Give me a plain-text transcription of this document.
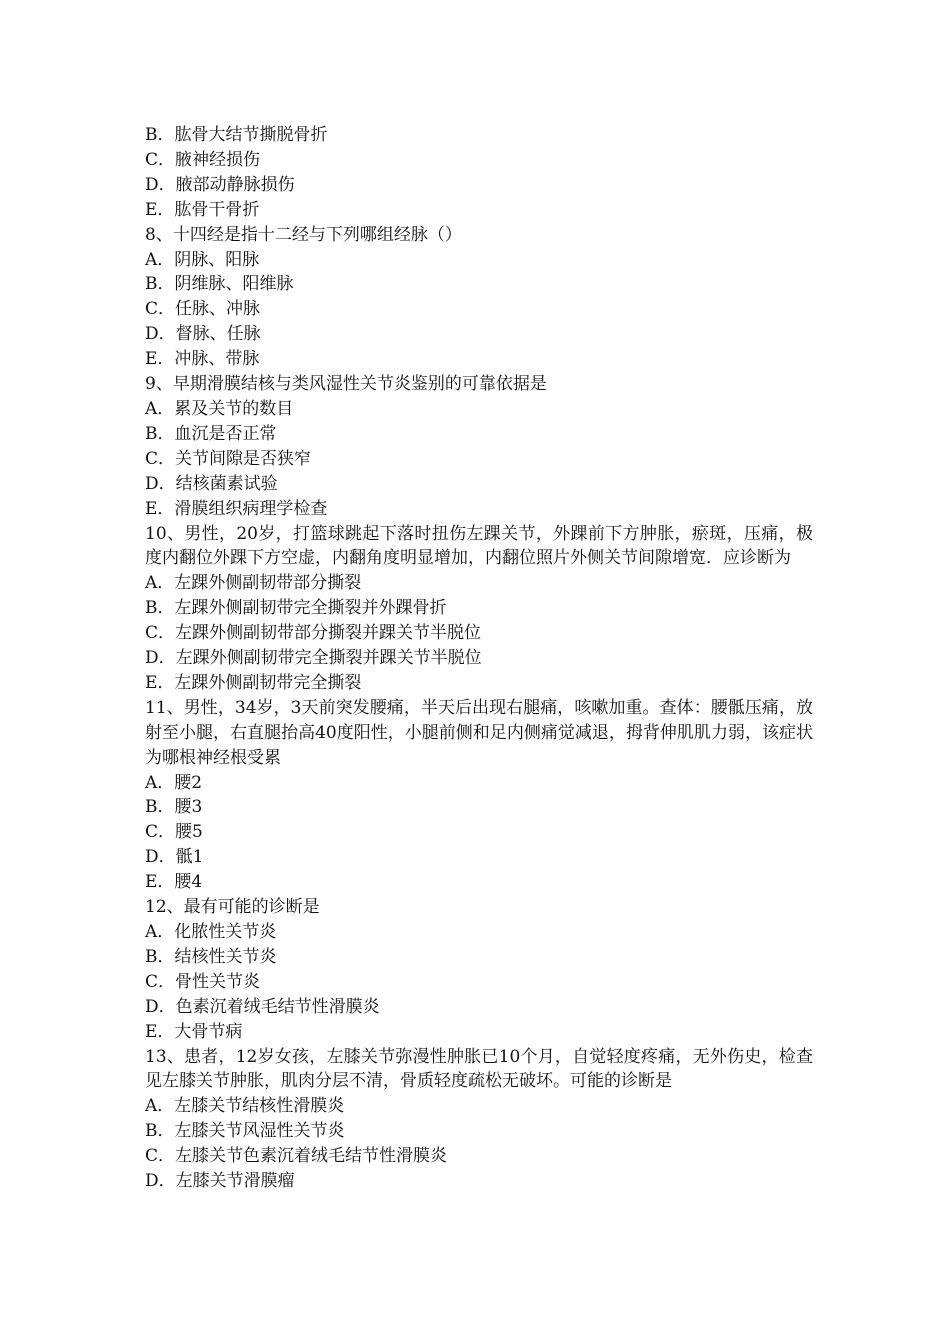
B．肱骨大结节撕脱骨折

C．腋神经损伤

D．腋部动静脉损伤

E．肱骨干骨折

8、十四经是指十二经与下列哪组经脉（）

A．阴脉、阳脉

B．阴维脉、阳维脉

C．任脉、冲脉

D．督脉、任脉

E．冲脉、带脉

9、早期滑膜结核与类风湿性关节炎鉴别的可靠依据是

A．累及关节的数目

B．血沉是否正常

C．关节间隙是否狭窄

D．结核菌素试验

E．滑膜组织病理学检查

10、男性，20岁，打篮球跳起下落时扭伤左踝关节，外踝前下方肿胀，瘀斑，压痛，极度内翻位外踝下方空虚，内翻角度明显增加，内翻位照片外侧关节间隙增宽．应诊断为

A．左踝外侧副韧带部分撕裂

B．左踝外侧副韧带完全撕裂并外踝骨折

C．左踝外侧副韧带部分撕裂并踝关节半脱位

D．左踝外侧副韧带完全撕裂并踝关节半脱位

E．左踝外侧副韧带完全撕裂

11、男性，34岁，3天前突发腰痛，半天后出现右腿痛，咳嗽加重。查体：腰骶压痛，放射至小腿，右直腿抬高40度阳性，小腿前侧和足内侧痛觉减退，拇背伸肌肌力弱，该症状为哪根神经根受累

A．腰2

B．腰3

C．腰5

D．骶1

E．腰4

12、最有可能的诊断是

A．化脓性关节炎

B．结核性关节炎

C．骨性关节炎

D．色素沉着绒毛结节性滑膜炎

E．大骨节病

13、患者，12岁女孩，左膝关节弥漫性肿胀已10个月，自觉轻度疼痛，无外伤史，检查见左膝关节肿胀，肌肉分层不清，骨质轻度疏松无破坏。可能的诊断是

A．左膝关节结核性滑膜炎

B．左膝关节风湿性关节炎

C．左膝关节色素沉着绒毛结节性滑膜炎

D．左膝关节滑膜瘤
